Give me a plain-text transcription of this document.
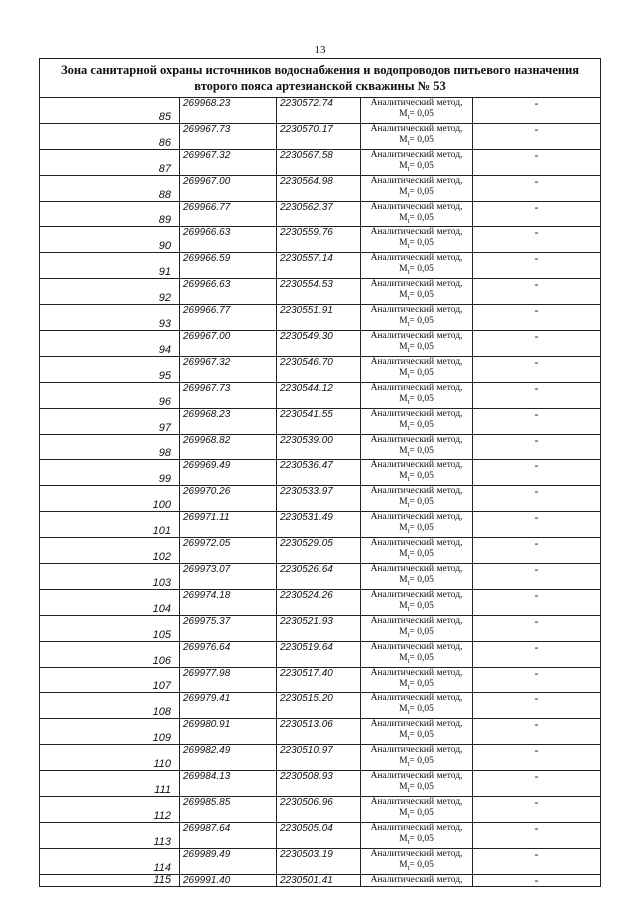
13
Зона санитарной охраны источников водоснабжения и водопроводов питьевого назначения
второго пояса артезианской скважины № 53				

85	269968.23	2230572.74	Аналитический метод,
$M_t= 0,05$	-
86	269967.73	2230570.17	Аналитический метод,
$M_t= 0,05$	-
87	269967.32	2230567.58	Аналитический метод,
$M_t= 0,05$	-
88	269967.00	2230564.98	Аналитический метод,
$M_t= 0,05$	-
89	269966.77	2230562.37	Аналитический метод,
$M_t= 0,05$	-
90	269966.63	2230559.76	Аналитический метод,
$M_t= 0,05$	-
91	269966.59	2230557.14	Аналитический метод,
$M_t= 0,05$	-
92	269966.63	2230554.53	Аналитический метод,
$M_t= 0,05$	-
93	269966.77	2230551.91	Аналитический метод,
$M_t= 0,05$	-
94	269967.00	2230549.30	Аналитический метод,
$M_t= 0,05$	-
95	269967.32	2230546.70	Аналитический метод,
$M_t= 0,05$	-
96	269967.73	2230544.12	Аналитический метод,
$M_t= 0,05$	-
97	269968.23	2230541.55	Аналитический метод,
$M_t= 0,05$	-
98	269968.82	2230539.00	Аналитический метод,
$M_t= 0,05$	-
99	269969.49	2230536.47	Аналитический метод,
$M_t= 0,05$	-
100	269970.26	2230533.97	Аналитический метод,
$M_t= 0,05$	-
101	269971.11	2230531.49	Аналитический метод,
$M_t= 0,05$	-
102	269972.05	2230529.05	Аналитический метод,
$M_t= 0,05$	-
103	269973.07	2230526.64	Аналитический метод,
$M_t= 0,05$	-
104	269974.18	2230524.26	Аналитический метод,
$M_t= 0,05$	-
105	269975.37	2230521.93	Аналитический метод,
$M_t= 0,05$	-
106	269976.64	2230519.64	Аналитический метод,
$M_t= 0,05$	-
107	269977.98	2230517.40	Аналитический метод,
$M_t= 0,05$	-
108	269979.41	2230515.20	Аналитический метод,
$M_t= 0,05$	-
109	269980.91	2230513.06	Аналитический метод,
$M_t= 0,05$	-
110	269982.49	2230510.97	Аналитический метод,
$M_t= 0,05$	-
111	269984.13	2230508.93	Аналитический метод,
$M_t= 0,05$	-
112	269985.85	2230506.96	Аналитический метод,
$M_t= 0,05$	-
113	269987.64	2230505.04	Аналитический метод,
$M_t= 0,05$	-
114	269989.49	2230503.19	Аналитический метод,
$M_t= 0,05$	-
115	269991.40	2230501.41	Аналитический метод,	-
